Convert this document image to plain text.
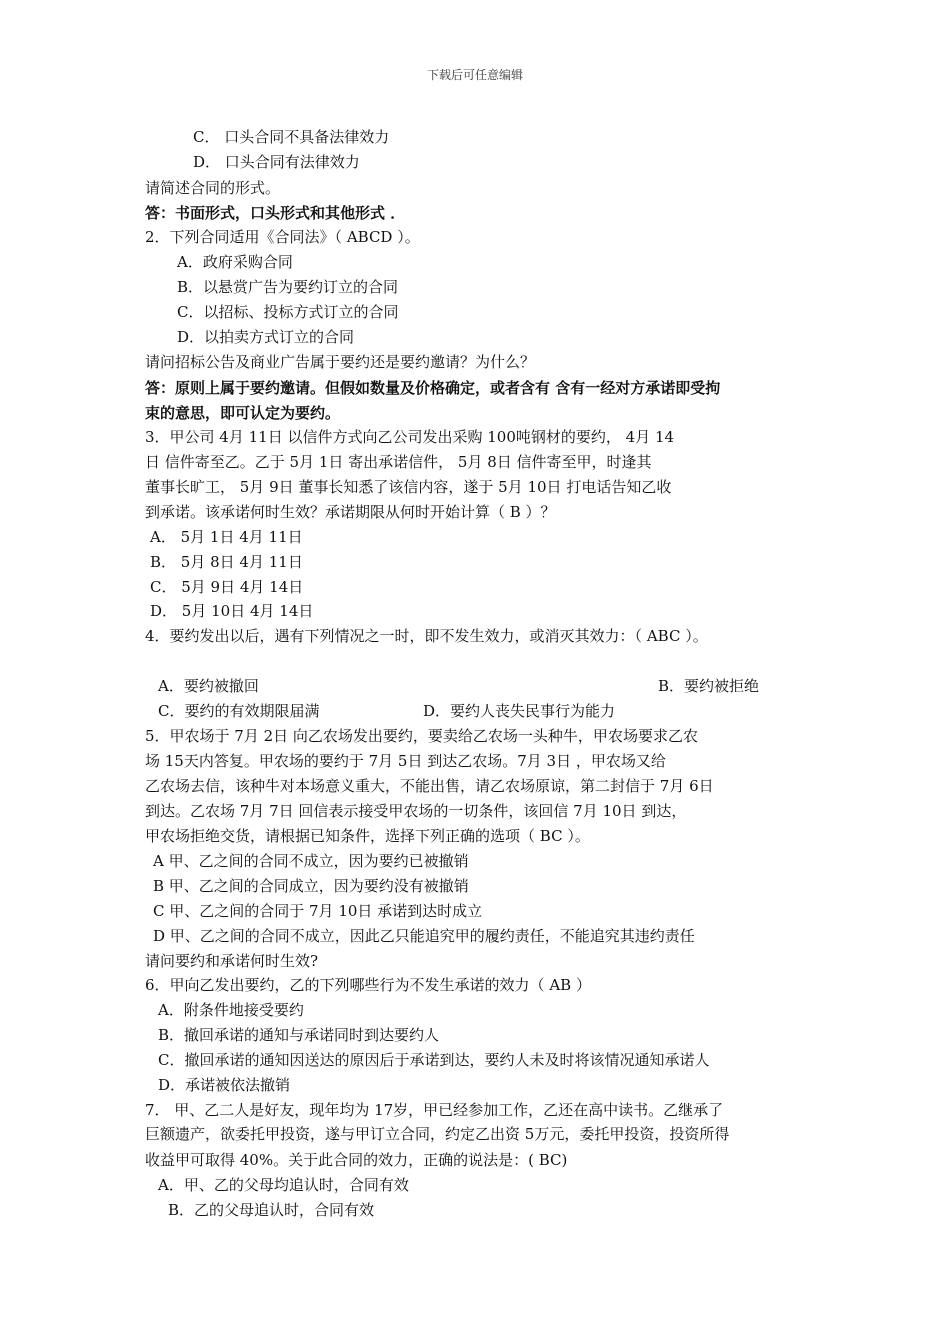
下载后可任意编辑
C． 口头合同不具备法律效力
D． 口头合同有法律效力
请简述合同的形式。
答：书面形式，口头形式和其他形式 ．
2．下列合同适用《合同法》（ ABCD ）。
A．政府采购合同
B．以悬赏广告为要约订立的合同
C．以招标、投标方式订立的合同
D．以拍卖方式订立的合同
请问招标公告及商业广告属于要约还是要约邀请？为什么？
答：原则上属于要约邀请。但假如数量及价格确定，或者含有 含有一经对方承诺即受拘
束的意思，即可认定为要约。
3．甲公司 4月 11日 以信件方式向乙公司发出采购 100吨钢材的要约， 4月 14
日 信件寄至乙。乙于 5月 1日 寄出承诺信件， 5月 8日 信件寄至甲，时逢其
董事长旷工， 5月 9日 董事长知悉了该信内容，遂于 5月 10日 打电话告知乙收
到承诺。该承诺何时生效？承诺期限从何时开始计算（ B ）？
A． 5月 1日 4月 11日
B． 5月 8日 4月 11日
C． 5月 9日 4月 14日
D． 5月 10日 4月 14日
4．要约发出以后，遇有下列情况之一时，即不发生效力，或消灭其效力：（ ABC ）。
A．要约被撤回	B．要约被拒绝
C．要约的有效期限届满	D．要约人丧失民事行为能力
5．甲农场于 7月 2日 向乙农场发出要约，要卖给乙农场一头种牛，甲农场要求乙农
场 15天内答复。甲农场的要约于 7月 5日 到达乙农场。7月 3日 ，甲农场又给
乙农场去信，该种牛对本场意义重大，不能出售，请乙农场原谅，第二封信于 7月 6日
到达。乙农场 7月 7日 回信表示接受甲农场的一切条件，该回信 7月 10日 到达，
甲农场拒绝交货，请根据已知条件，选择下列正确的选项（ BC ）。
A 甲、乙之间的合同不成立，因为要约已被撤销
B 甲、乙之间的合同成立，因为要约没有被撤销
C 甲、乙之间的合同于 7月 10日 承诺到达时成立
D 甲、乙之间的合同不成立，因此乙只能追究甲的履约责任，不能追究其违约责任
请问要约和承诺何时生效?
6．甲向乙发出要约，乙的下列哪些行为不发生承诺的效力（ AB ）
A．附条件地接受要约
B．撤回承诺的通知与承诺同时到达要约人
C．撤回承诺的通知因送达的原因后于承诺到达，要约人未及时将该情况通知承诺人
D．承诺被依法撤销
7． 甲、乙二人是好友，现年均为 17岁，甲已经参加工作，乙还在高中读书。乙继承了
巨额遗产，欲委托甲投资，遂与甲订立合同，约定乙出资 5万元，委托甲投资，投资所得
收益甲可取得 40%。关于此合同的效力，正确的说法是：( BC)
A．甲、乙的父母均追认时，合同有效
B．乙的父母追认时，合同有效
